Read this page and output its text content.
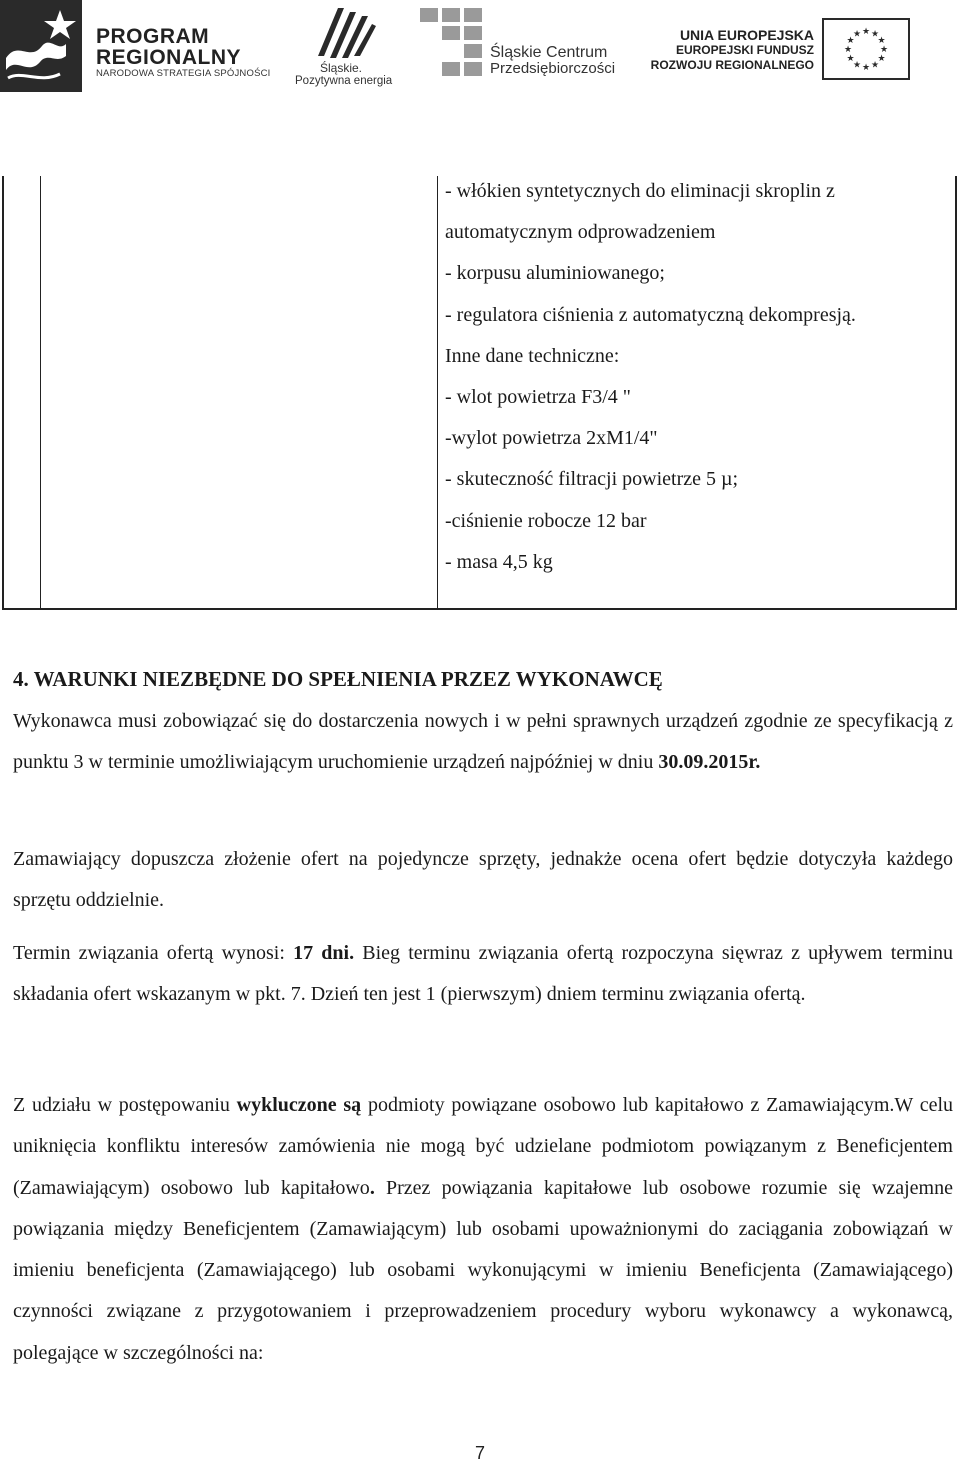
PROGRAM
REGIONALNY
NARODOWA STRATEGIA SPÓJNOŚCI	Śląskie.
Pozytywna energia
Śląskie Centrum
Przedsiębiorczości
UNIA EUROPEJSKA
EUROPEJSKI FUNDUSZ
ROZWOJU REGIONALNEGO
★ ★
★
★
★
★
★
★
★
★
★
★

- włókien syntetycznych do eliminacji skroplin z

automatycznym odprowadzeniem

- korpusu aluminiowanego;

- regulatora ciśnienia z automatyczną dekompresją.

Inne dane techniczne:

- wlot powietrza F3/4 "

-wylot powietrza 2xM1/4"

- skuteczność filtracji powietrze 5 µ;

-ciśnienie robocze 12 bar

- masa 4,5 kg

4. WARUNKI NIEZBĘDNE DO SPEŁNIENIA PRZEZ WYKONAWCĘ

Wykonawca musi zobowiązać się do dostarczenia nowych i w pełni sprawnych urządzeń zgodnie ze specyfikacją z punktu 3 w terminie umożliwiającym uruchomienie urządzeń najpóźniej w dniu 30.09.2015r.

Zamawiający dopuszcza złożenie ofert na pojedyncze sprzęty, jednakże ocena ofert będzie dotyczyła każdego sprzętu oddzielnie.

Termin związania ofertą wynosi: 17 dni. Bieg terminu związania ofertą rozpoczyna sięwraz z upływem terminu składania ofert wskazanym w pkt. 7. Dzień ten jest 1 (pierwszym) dniem terminu związania ofertą.

Z udziału w postępowaniu wykluczone są podmioty powiązane osobowo lub kapitałowo z Zamawiającym.W celu uniknięcia konfliktu interesów zamówienia nie mogą być udzielane podmiotom powiązanym z Beneficjentem (Zamawiającym) osobowo lub kapitałowo. Przez powiązania kapitałowe lub osobowe rozumie się wzajemne powiązania między Beneficjentem (Zamawiającym) lub osobami upoważnionymi do zaciągania zobowiązań w imieniu beneficjenta (Zamawiającego) lub osobami wykonującymi w imieniu Beneficjenta (Zamawiającego) czynności związane z przygotowaniem i przeprowadzeniem procedury wyboru wykonawcy a wykonawcą, polegające w szczególności na:

7
